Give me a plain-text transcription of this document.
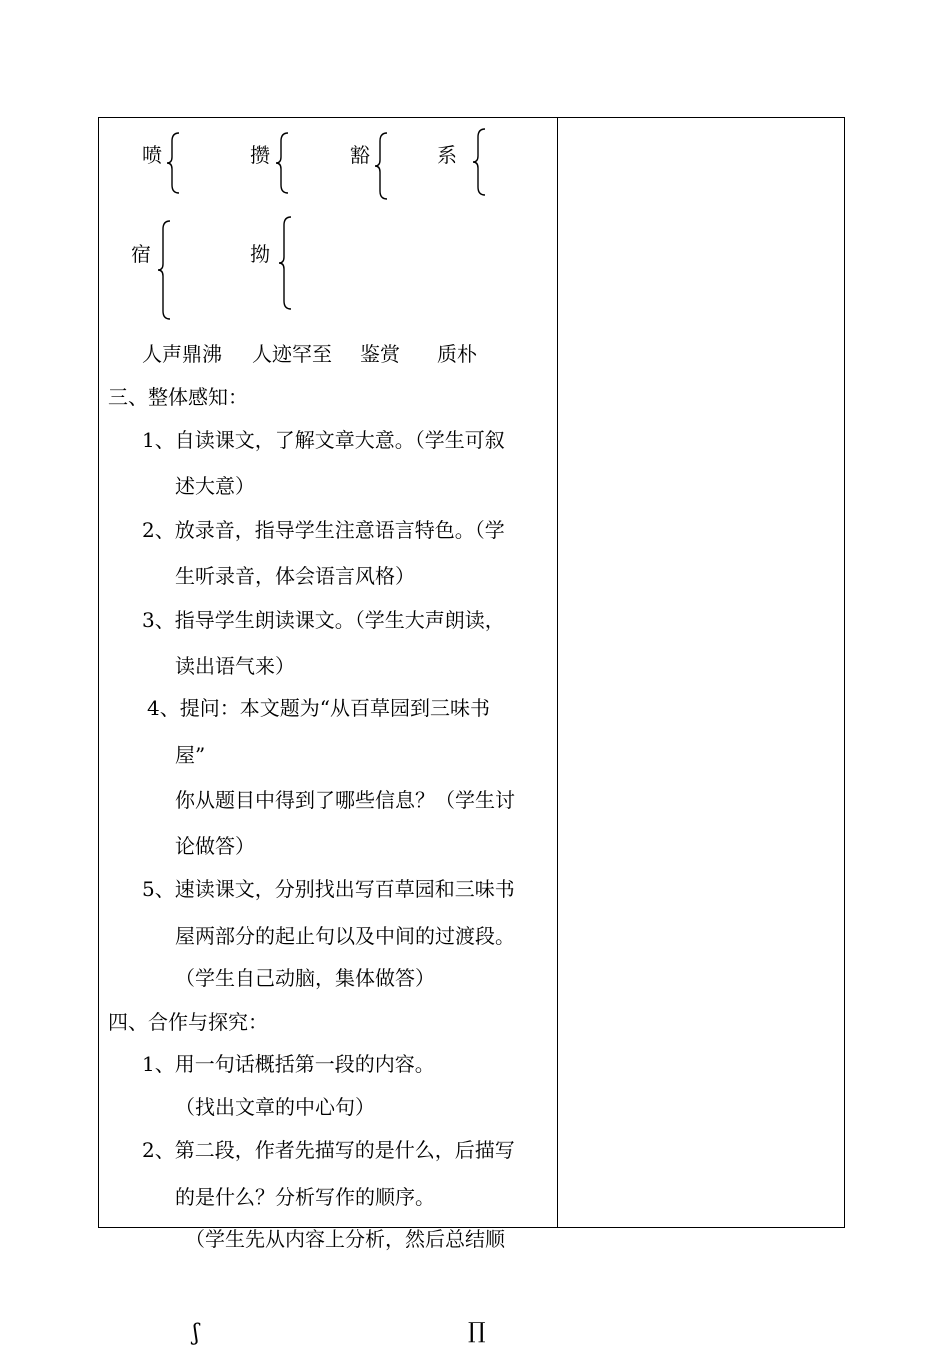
喷	攒	豁	系
宿	拗
人声鼎沸 人迹罕至 鉴赏 质朴
三、整体感知：
1、自读课文，了解文章大意。（学生可叙
述大意）
2、放录音，指导学生注意语言特色。（学
生听录音，体会语言风格）
3、指导学生朗读课文。（学生大声朗读，
读出语气来）
4、提问：本文题为“从百草园到三味书
屋”
你从题目中得到了哪些信息？（学生讨
论做答）
5、速读课文，分别找出写百草园和三味书
屋两部分的起止句以及中间的过渡段。
（学生自己动脑，集体做答）
四、合作与探究：
1、用一句话概括第一段的内容。
（找出文章的中心句）
2、第二段，作者先描写的是什么，后描写
的是什么？分析写作的顺序。
（学生先从内容上分析，然后总结顺
ʃ	∏
